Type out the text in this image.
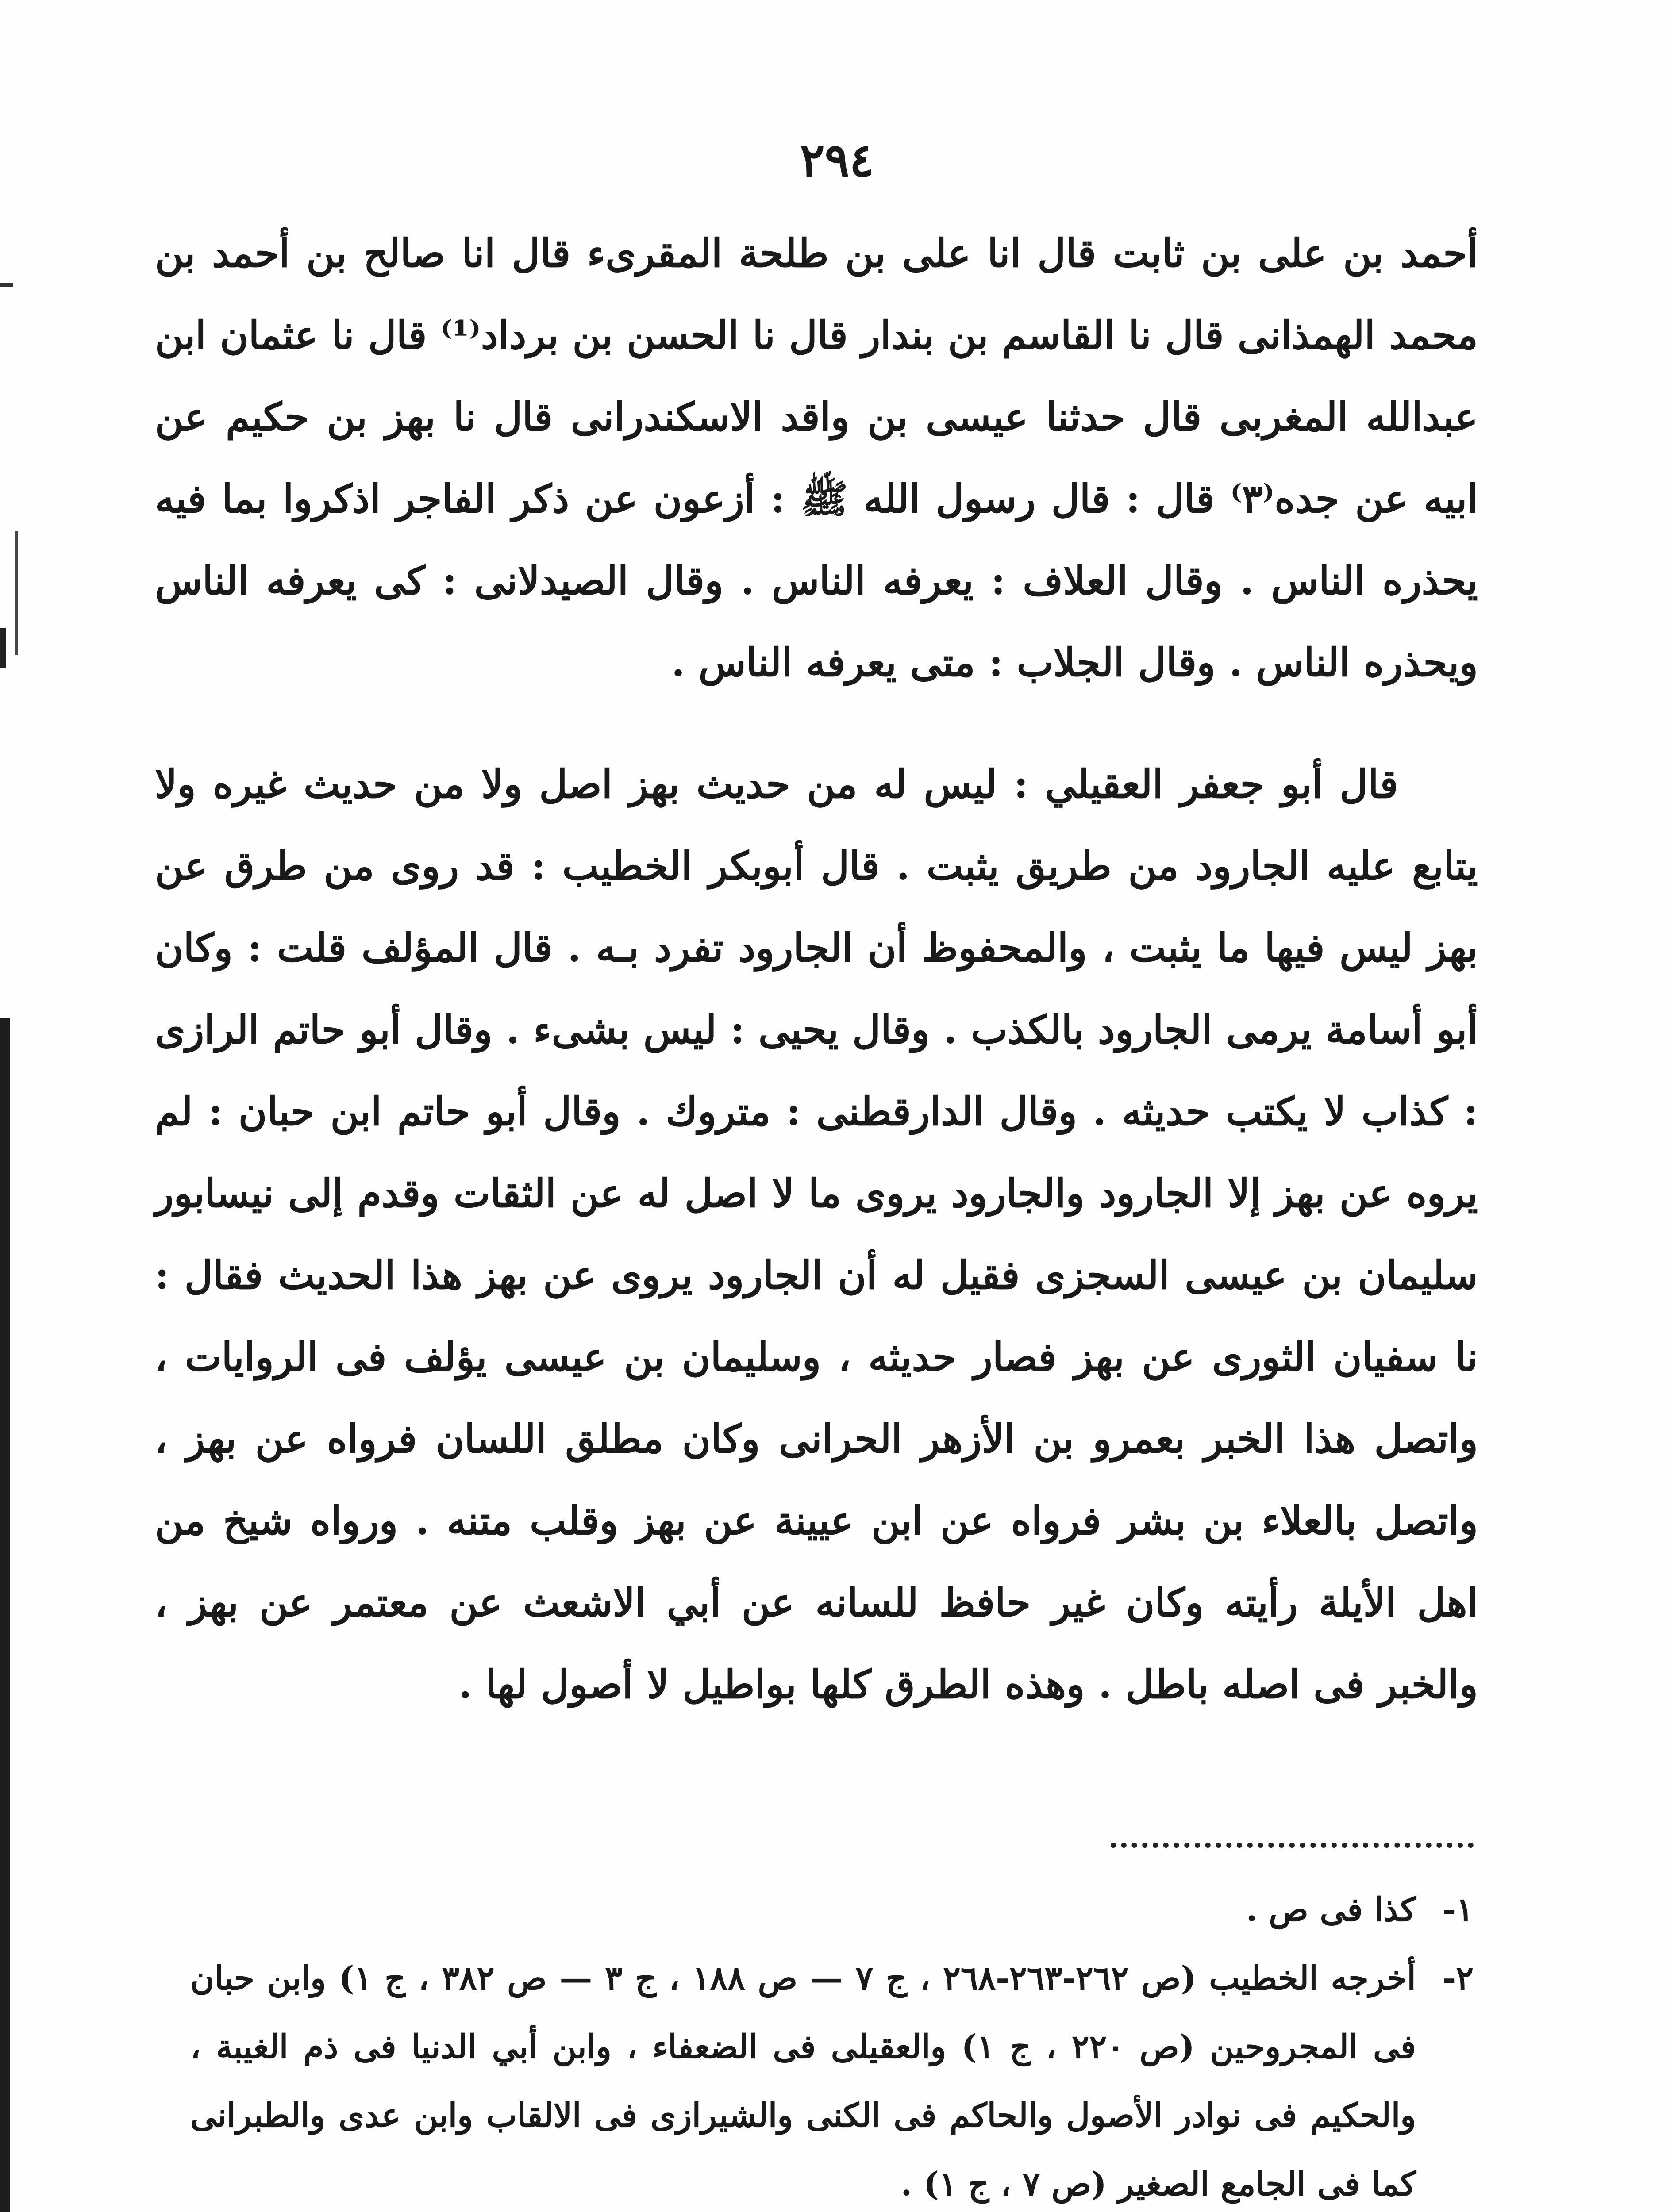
٢٩٤
أحمد بن على بن ثابت قال انا على بن طلحة المقرىء قال انا صالح بن أحمد بن محمد الهمذانى قال نا القاسم بن بندار قال نا الحسن بن برداد⁽¹⁾ قال نا عثمان ابن عبدالله المغربى قال حدثنا عيسى بن واقد الاسكندرانى قال نا بهز بن حكيم عن ابيه عن جده⁽٣⁾ قال : قال رسول الله ﷺ : أزعون عن ذكر الفاجر اذكروا بما فيه يحذره الناس . وقال العلاف : يعرفه الناس . وقال الصيدلانى : كى يعرفه الناس ويحذره الناس . وقال الجلاب : متى يعرفه الناس .
قال أبو جعفر العقيلي : ليس له من حديث بهز اصل ولا من حديث غيره ولا يتابع عليه الجارود من طريق يثبت . قال أبوبكر الخطيب : قد روى من طرق عن بهز ليس فيها ما يثبت ، والمحفوظ أن الجارود تفرد بـه . قال المؤلف قلت : وكان أبو أسامة يرمى الجارود بالكذب . وقال يحيى : ليس بشىء . وقال أبو حاتم الرازى : كذاب لا يكتب حديثه . وقال الدارقطنى : متروك . وقال أبو حاتم ابن حبان : لم يروه عن بهز إلا الجارود والجارود يروى ما لا اصل له عن الثقات وقدم إلى نيسابور سليمان بن عيسى السجزى فقيل له أن الجارود يروى عن بهز هذا الحديث فقال : نا سفيان الثورى عن بهز فصار حديثه ، وسليمان بن عيسى يؤلف فى الروايات ، واتصل هذا الخبر بعمرو بن الأزهر الحرانى وكان مطلق اللسان فرواه عن بهز ، واتصل بالعلاء بن بشر فرواه عن ابن عيينة عن بهز وقلب متنه . ورواه شيخ من اهل الأيلة رأيته وكان غير حافظ للسانه عن أبي الاشعث عن معتمر عن بهز ، والخبر فى اصله باطل . وهذه الطرق كلها بواطيل لا أصول لها .
١-
كذا فى ص .
٢-
أخرجه الخطيب (ص ٢٦٢-٢٦٣-٢٦٨ ، ج ٧ — ص ١٨٨ ، ج ٣ — ص ٣٨٢ ، ج ١) وابن حبان فى المجروحين (ص ٢٢٠ ، ج ١) والعقيلى فى الضعفاء ، وابن أبي الدنيا فى ذم الغيبة ، والحكيم فى نوادر الأصول والحاكم فى الكنى والشيرازى فى الالقاب وابن عدى والطبرانى كما فى الجامع الصغير (ص ٧ ، ج ١) .
